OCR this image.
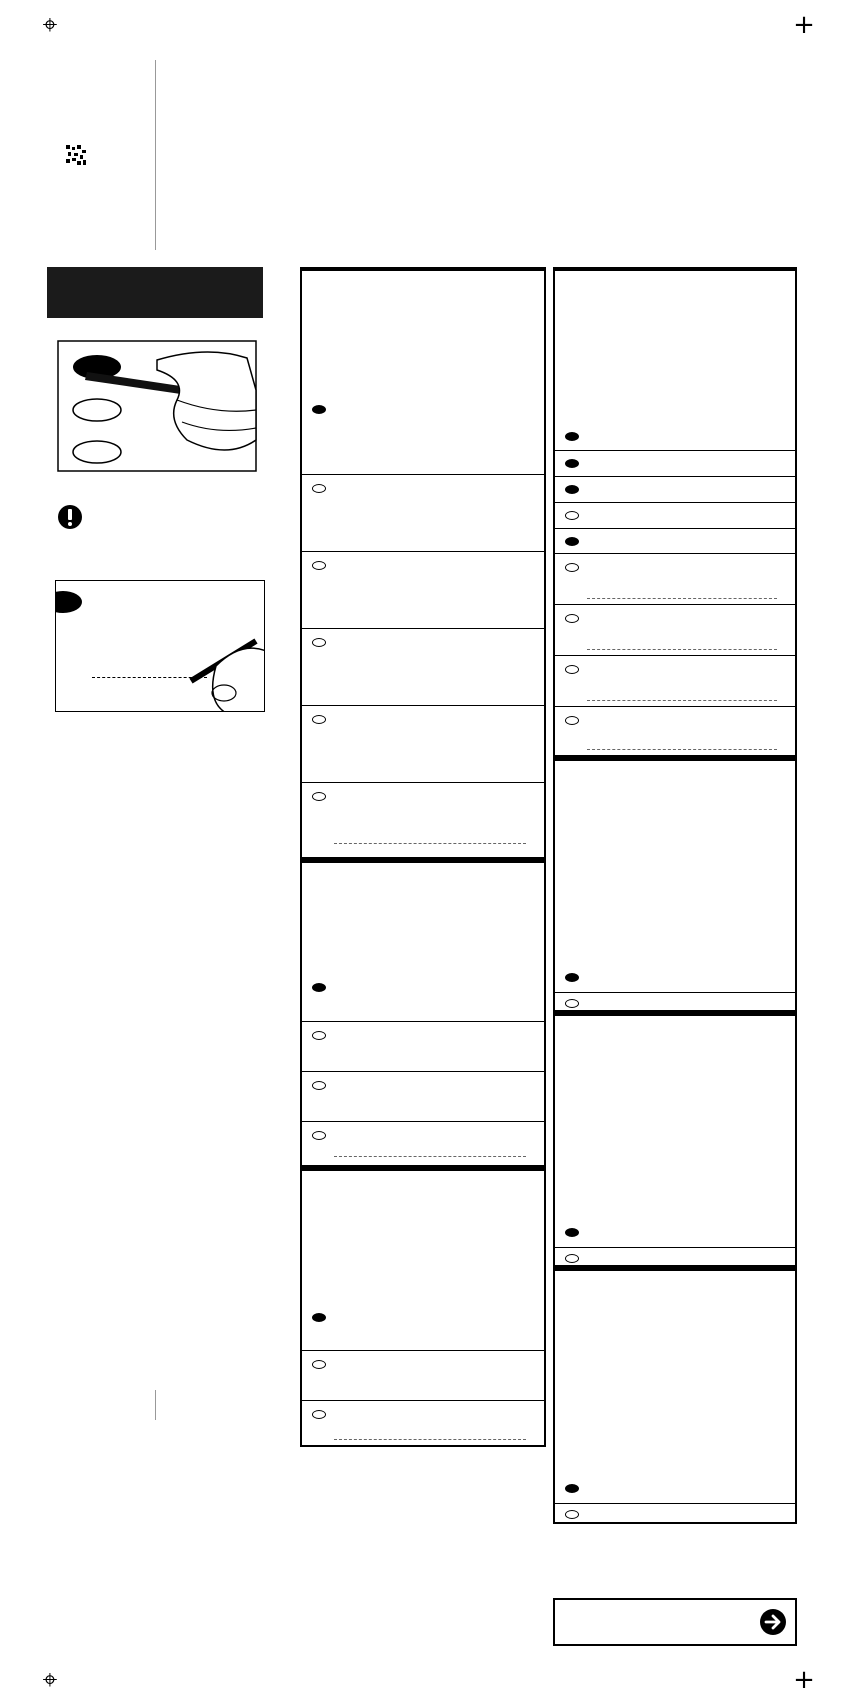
⌖	+
⌖	+
